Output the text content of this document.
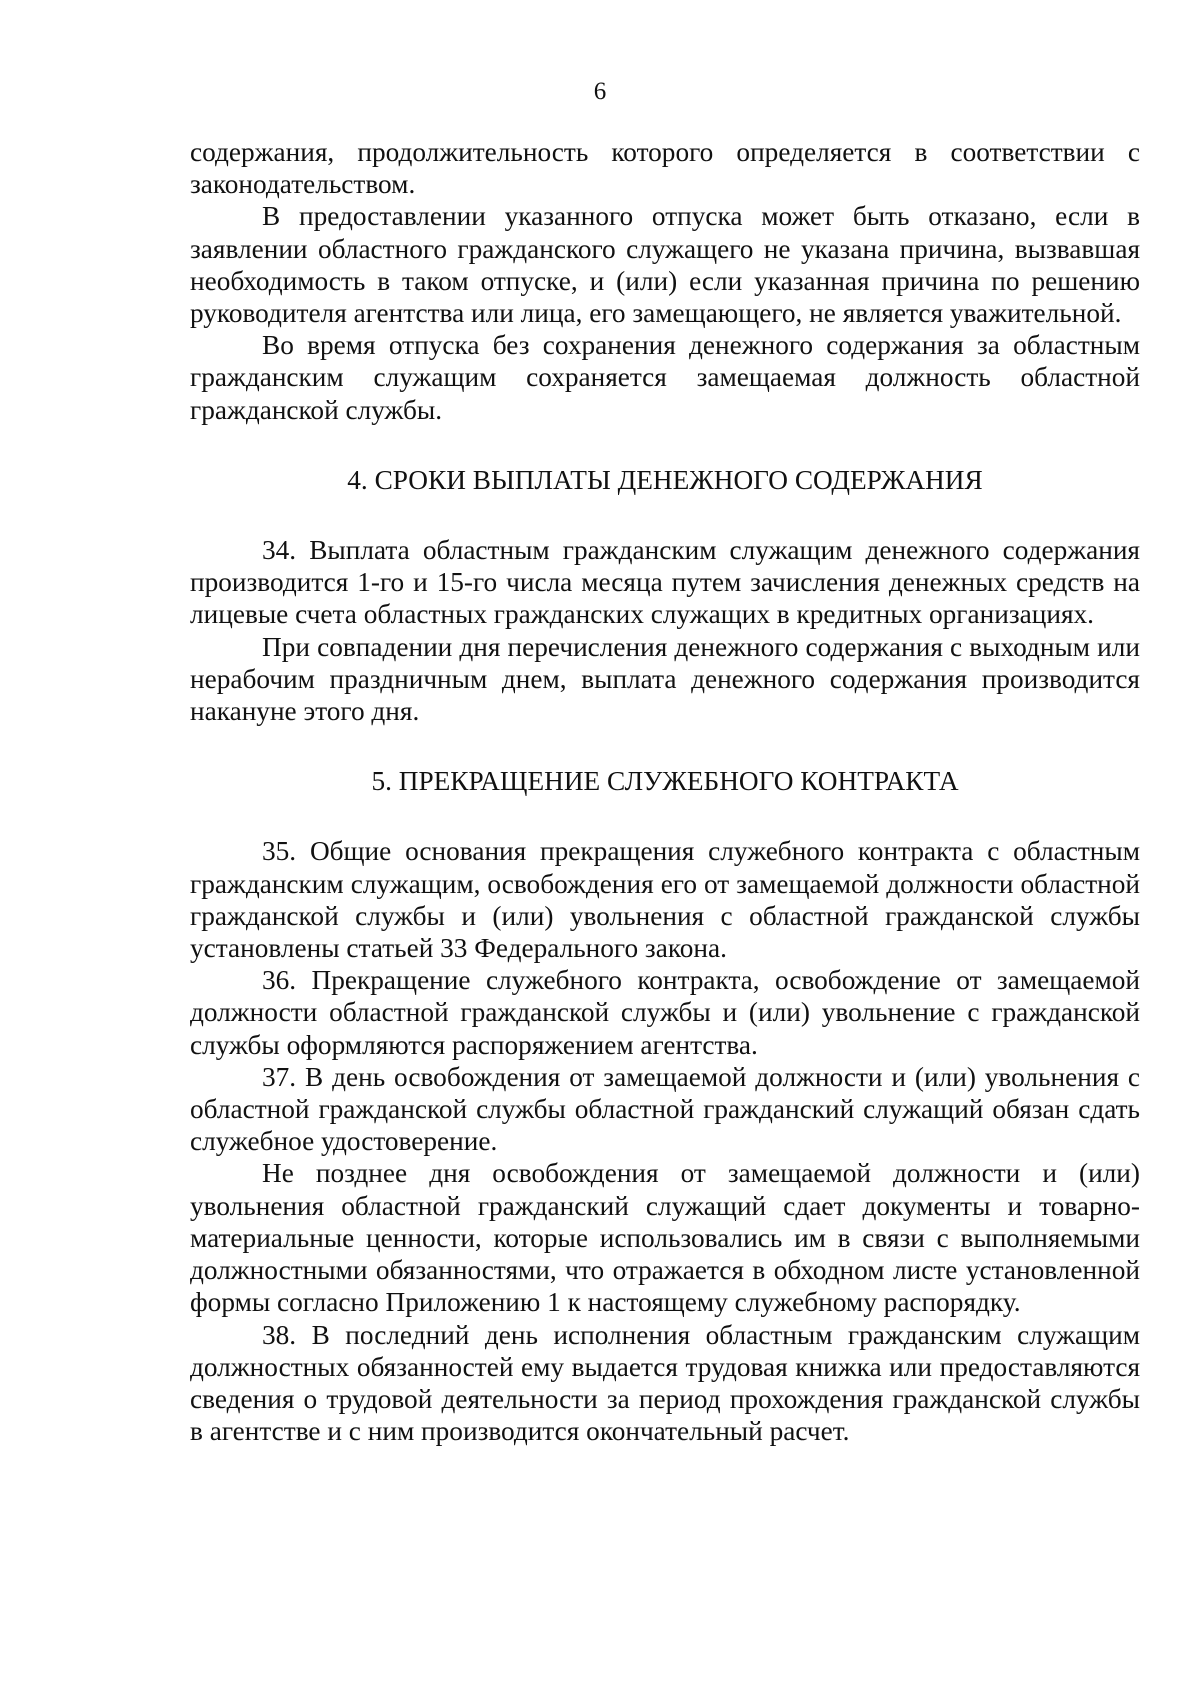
6

содержания, продолжительность которого определяется в соответствии с законодательством.

В предоставлении указанного отпуска может быть отказано, если в заявлении областного гражданского служащего не указана причина, вызвавшая необходимость в таком отпуске, и (или) если указанная причина по решению руководителя агентства или лица, его замещающего, не является уважительной.

Во время отпуска без сохранения денежного содержания за областным гражданским служащим сохраняется замещаемая должность областной гражданской службы.

4. СРОКИ ВЫПЛАТЫ ДЕНЕЖНОГО СОДЕРЖАНИЯ

34. Выплата областным гражданским служащим денежного содержания производится 1-го и 15-го числа месяца путем зачисления денежных средств на лицевые счета областных гражданских служащих в кредитных организациях.

При совпадении дня перечисления денежного содержания с выходным или нерабочим праздничным днем, выплата денежного содержания производится накануне этого дня.

5. ПРЕКРАЩЕНИЕ СЛУЖЕБНОГО КОНТРАКТА

35. Общие основания прекращения служебного контракта с областным гражданским служащим, освобождения его от замещаемой должности областной гражданской службы и (или) увольнения с областной гражданской службы установлены статьей 33 Федерального закона.

36. Прекращение служебного контракта, освобождение от замещаемой должности областной гражданской службы и (или) увольнение с гражданской службы оформляются распоряжением агентства.

37. В день освобождения от замещаемой должности и (или) увольнения с областной гражданской службы областной гражданский служащий обязан сдать служебное удостоверение.

Не позднее дня освобождения от замещаемой должности и (или) увольнения областной гражданский служащий сдает документы и товарно-материальные ценности, которые использовались им в связи с выполняемыми должностными обязанностями, что отражается в обходном листе установленной формы согласно Приложению 1 к настоящему служебному распорядку.

38. В последний день исполнения областным гражданским служащим должностных обязанностей ему выдается трудовая книжка или предоставляются сведения о трудовой деятельности за период прохождения гражданской службы в агентстве и с ним производится окончательный расчет.
